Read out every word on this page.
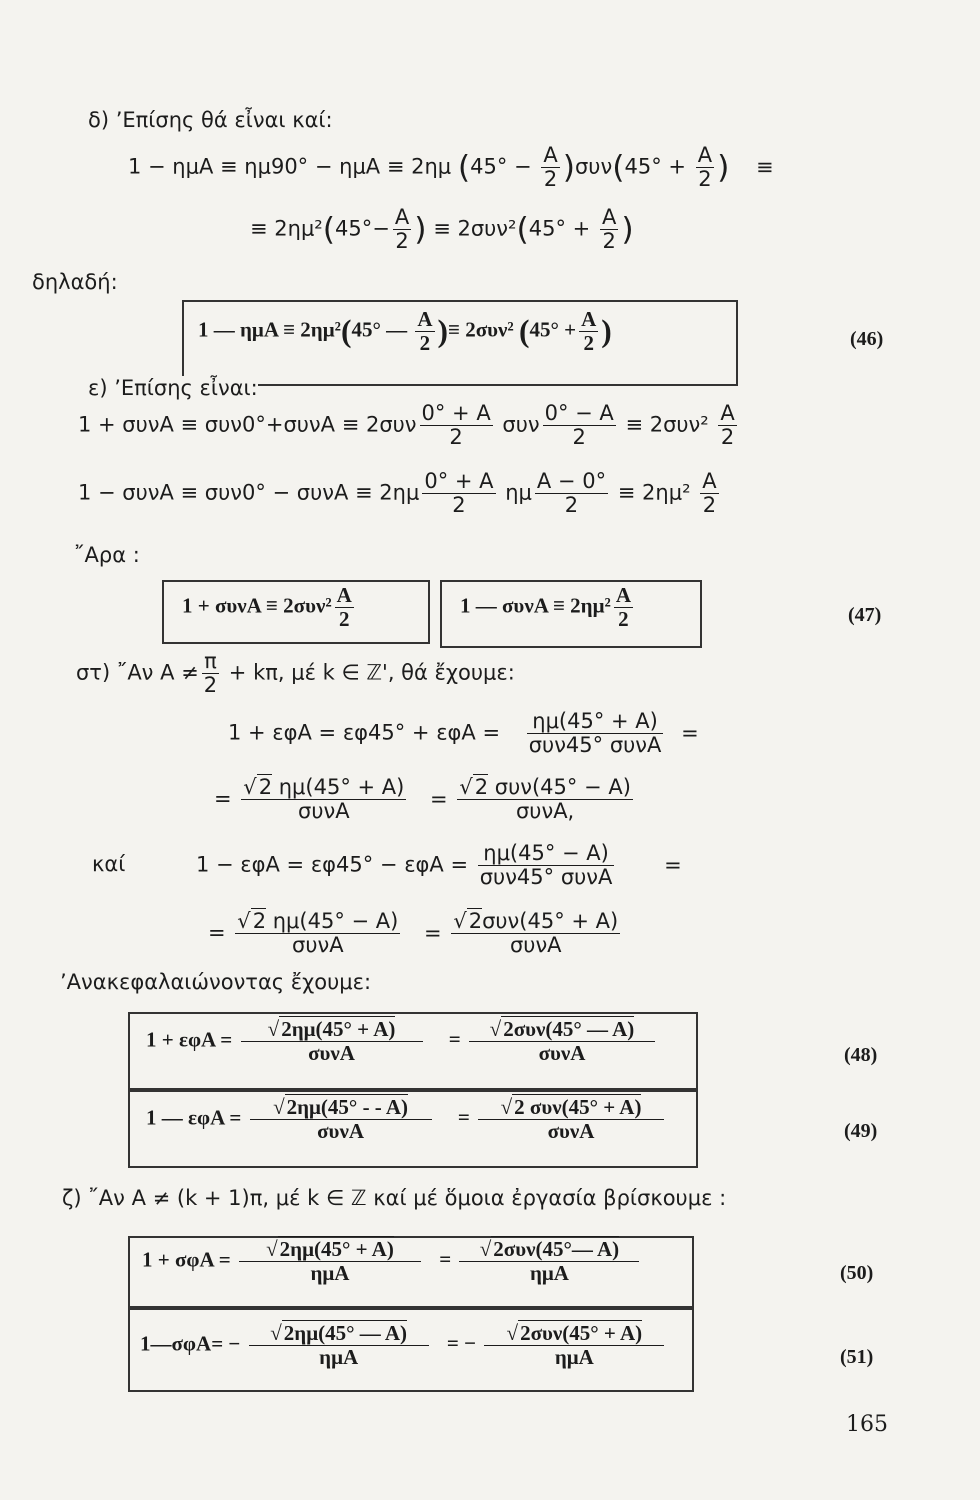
δ) ’Επίσης θά εἶναι καί:
1 − ημΑ ≡ ημ90° − ημΑ ≡ 2ημ $(45^\circ - \frac{A}{2} )\sigma\upsilon\nu(45^\circ + \frac{A}{2}$ ) ≡
≡ $2\eta\mu^2(45^\circ- \frac{A}{2}$ ) ≡ $2\sigma\upsilon\nu^2(45^\circ + \frac{A}{2}$ )
δηλαδή:
1 — ημΑ ≡ 2ημ²(45° — $\frac{A}{2}$ )≡ 2συν² ($45^\circ + \frac{A}{2}$ )	(46)
ε) ’Επίσης εἶναι:
$1 + \sigma\upsilon\nu A \equiv \sigma\upsilon\nu 0^\circ+\sigma\upsilon\nu A \equiv 2\sigma\upsilon\nu \frac{0^\circ + A}{2}$ συν $\frac{0^\circ - A}{2} \equiv 2\sigma\upsilon\nu^2 \frac{A}{2}$
$1 - \sigma\upsilon\nu A \equiv \sigma\upsilon\nu 0^\circ - \sigma\upsilon\nu A \equiv 2\eta\mu \frac{0^\circ + A}{2}$ ημ $\frac{A - 0^\circ}{2} \equiv 2\eta\mu^2 \frac{A}{2}$
῎Αρα :
$1 + \sigma\upsilon\nu A \equiv 2\sigma\upsilon\nu^2 \frac{A}{2}$	1 — $\sigma\upsilon\nu A \equiv 2\eta\mu^2 \frac{A}{2}$	(47)
στ) ῎Αν $A \ne \frac{\pi}{2} + k\pi$, μέ k ∈ ℤ', θά ἔχουμε:
$1 + \varepsilon\varphi A = \varepsilon\varphi 45^\circ + \varepsilon\varphi A = \frac{\eta\mu(45^\circ + A)}{\text{συν45° συνΑ}}$ =
= $\frac{√2 \eta\mu(45^\circ + A)}{\text{συνΑ}} = \frac{\text{√2 συν(45° − Α)}}{\text{συνΑ,}}$
καί	$1 - \varepsilon\varphi A = \varepsilon\varphi 45^\circ - \varepsilon\varphi A = \frac{\eta\mu(45^\circ - A)}{\text{συν45° συνΑ}}$ =
= $\frac{√2 \eta\mu(45^\circ - A)}{\text{συνΑ}} = \frac{\text{√2συν(45° + Α)}}{\text{συνΑ}}$
’Ανακεφαλαιώνοντας ἔχουμε:
$1 + \varepsilon\varphi A = \frac{√2\eta\mu(45^\circ + A)}{\text{συνΑ}} = \frac{\text{√2συν(45° — Α)}}{\text{συνΑ}}$	(48)
1 — $\varepsilon\varphi A = \frac{√2\eta\mu(45^\circ - - A)}{\text{συνΑ}} = \frac{\text{√2 συν(45° + Α)}}{\text{συνΑ}}$	(49)
ζ) ῎Αν Α ≠ (k + 1)π, μέ k ∈ ℤ καί μέ ὅμοια ἐργασία βρίσκουμε :
$1 + \sigma\varphi A = \frac{√2\eta\mu(45^\circ + A)}{\text{ημΑ}} = \frac{\text{√2συν(45°— Α)}}{\text{ημΑ}}$	(50)
1—σφΑ= − $\frac{√2\eta\mu(45^\circ — A)}{\text{ημΑ}}$ = − $\frac{\text{√2συν(45° + Α)}}{\text{ημΑ}}$	(51)
165
